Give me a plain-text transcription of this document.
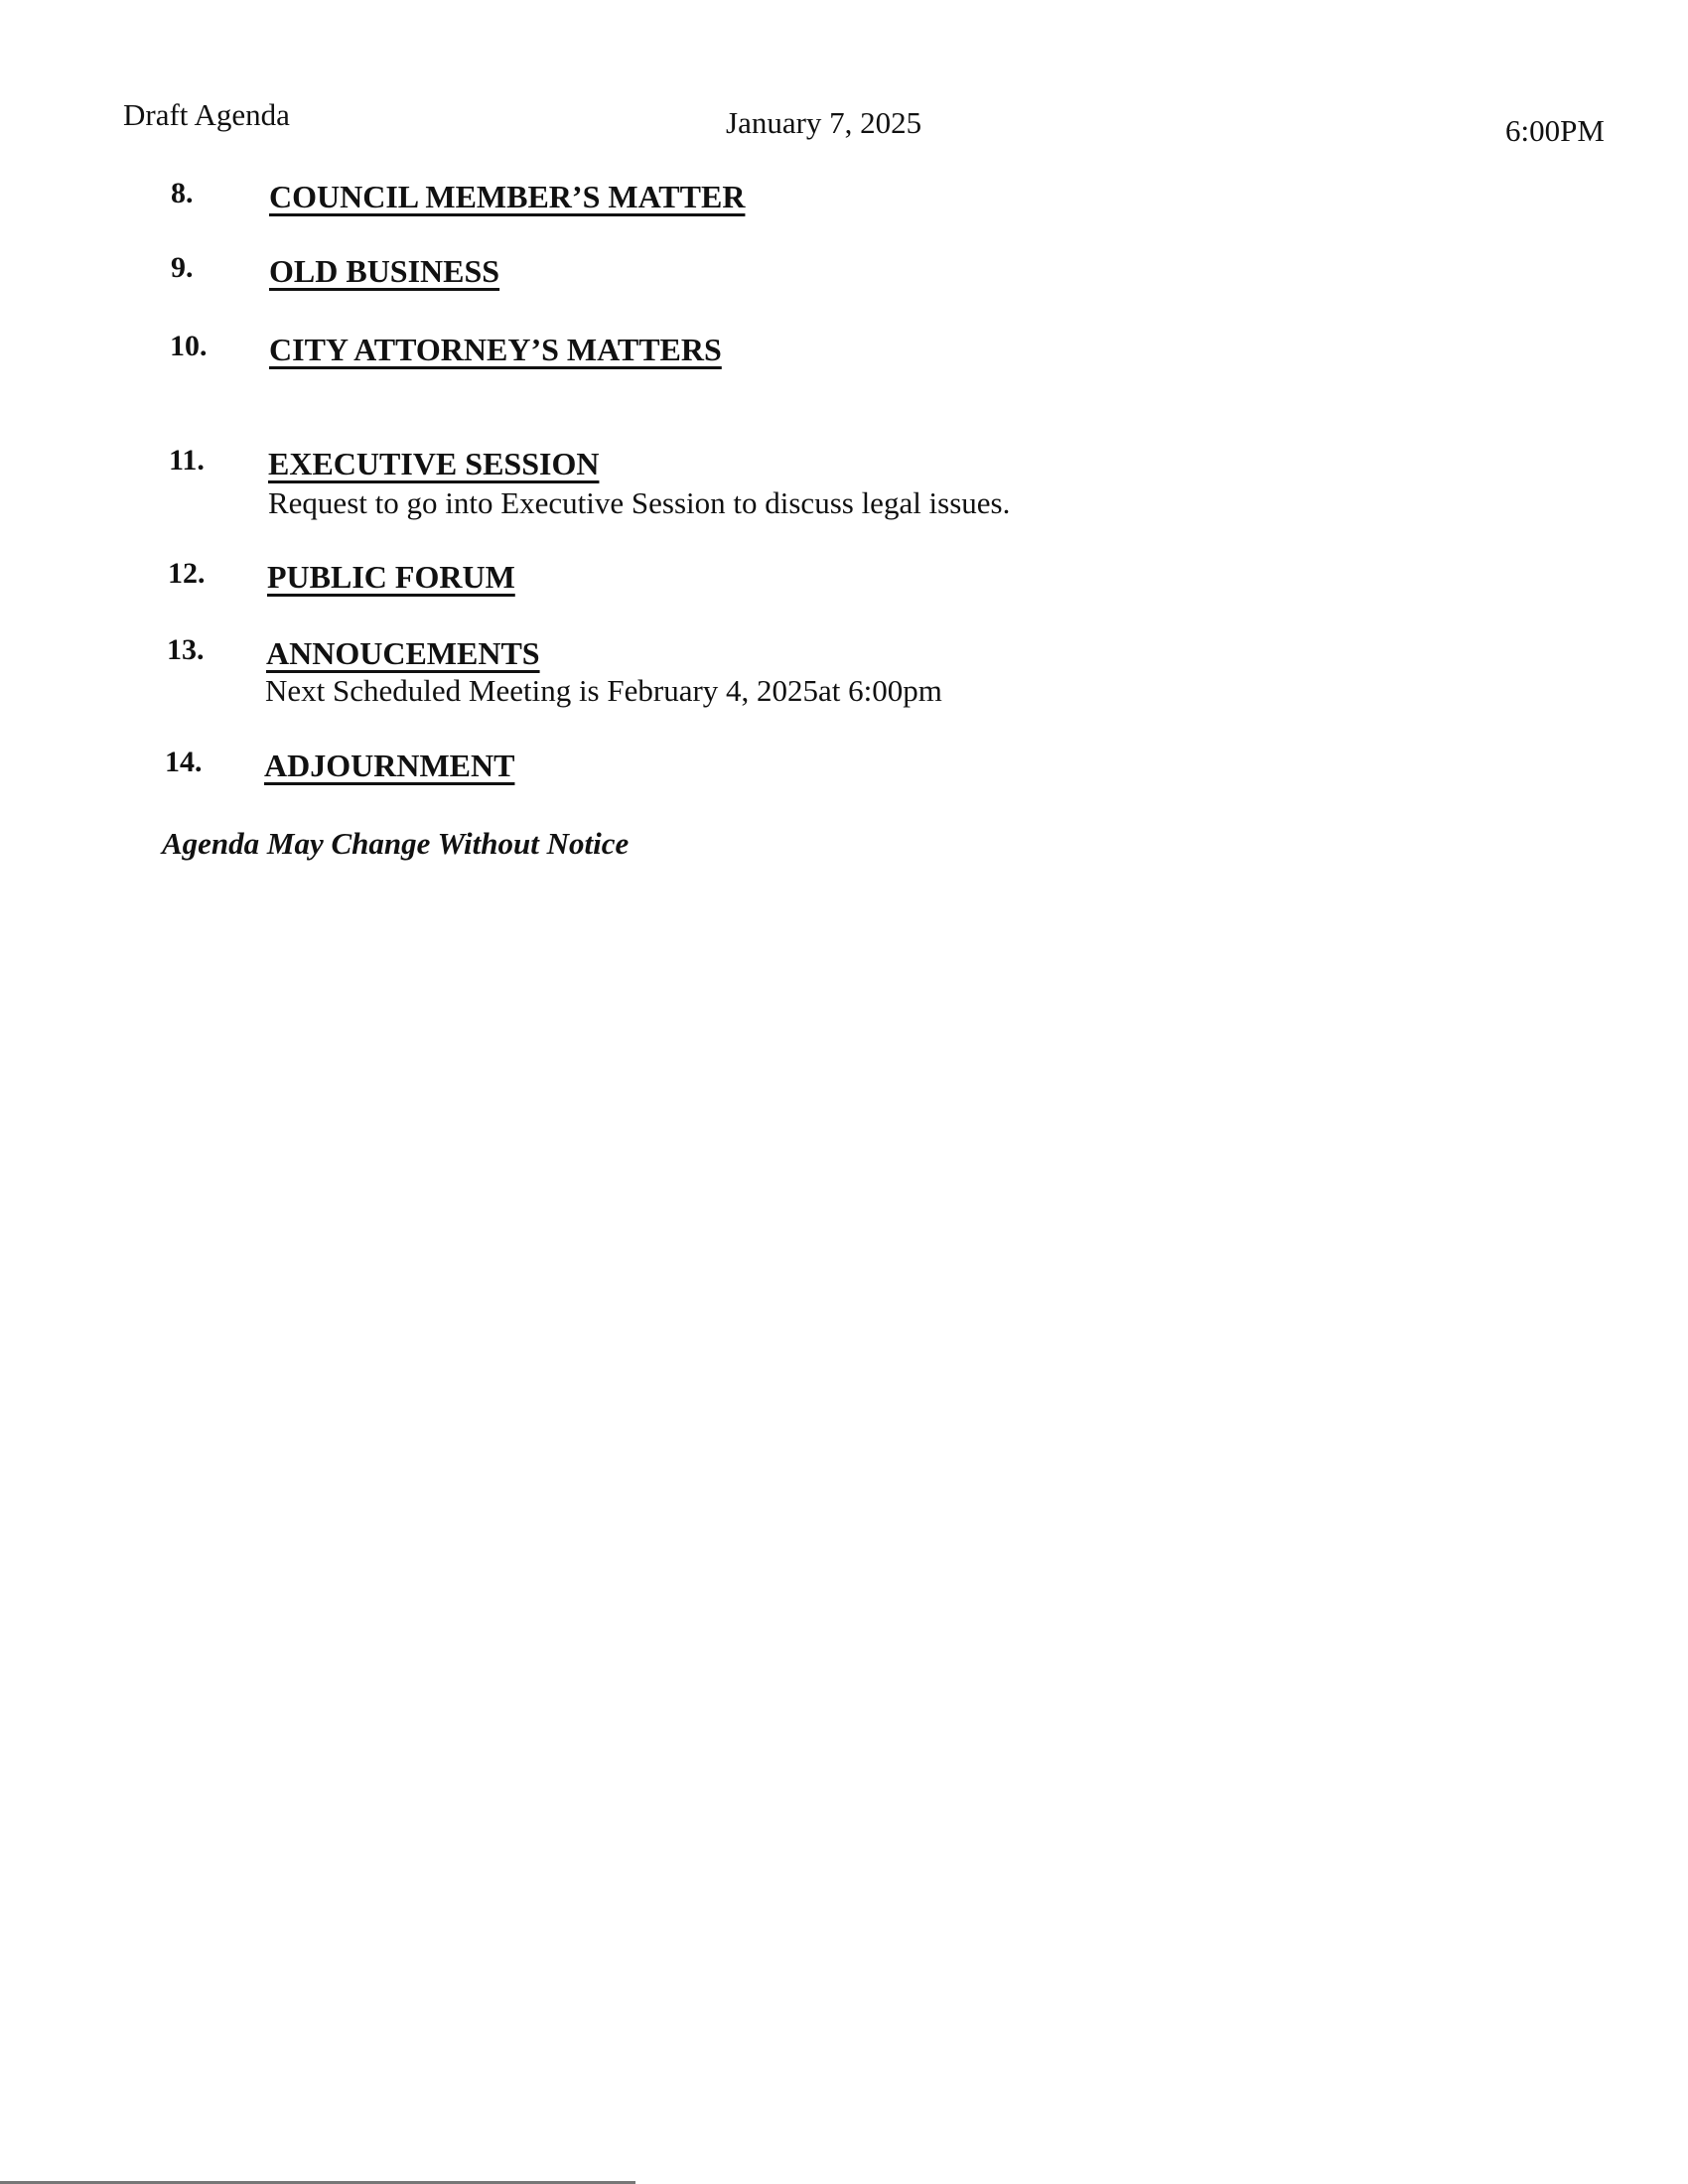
Draft Agenda	January 7, 2025	6:00PM
8. COUNCIL MEMBER’S MATTER
9. OLD BUSINESS
10. CITY ATTORNEY’S MATTERS
11. EXECUTIVE SESSION
Request to go into Executive Session to discuss legal issues.
12. PUBLIC FORUM
13. ANNOUCEMENTS
Next Scheduled Meeting is February 4, 2025at 6:00pm
14. ADJOURNMENT
Agenda May Change Without Notice
